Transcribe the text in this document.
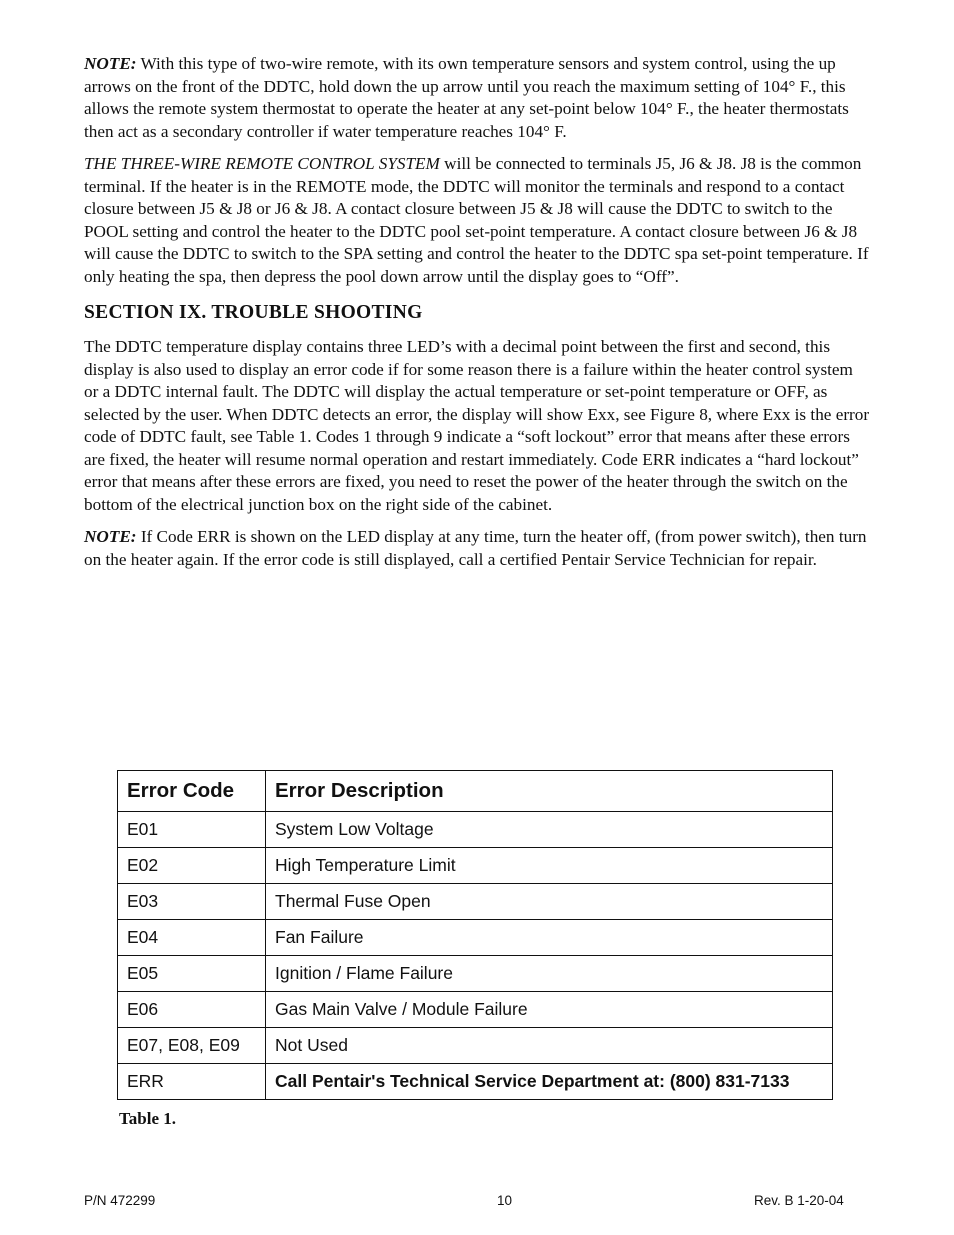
NOTE: With this type of two-wire remote, with its own temperature sensors and system control, using the up arrows on the front of the DDTC, hold down the up arrow until you reach the maximum setting of 104° F., this allows the remote system thermostat to operate the heater at any set-point below 104° F., the heater thermostats then act as a secondary controller if water temperature reaches 104° F.

THE THREE-WIRE REMOTE CONTROL SYSTEM will be connected to terminals J5, J6 & J8. J8 is the common terminal. If the heater is in the REMOTE mode, the DDTC will monitor the terminals and respond to a contact closure between J5 & J8 or J6 & J8. A contact closure between J5 & J8 will cause the DDTC to switch to the POOL setting and control the heater to the DDTC pool set-point temperature. A contact closure between J6 & J8 will cause the DDTC to switch to the SPA setting and control the heater to the DDTC spa set-point temperature. If only heating the spa, then depress the pool down arrow until the display goes to “Off”.

SECTION IX. TROUBLE SHOOTING

The DDTC temperature display contains three LED’s with a decimal point between the first and second, this display is also used to display an error code if for some reason there is a failure within the heater control system or a DDTC internal fault. The DDTC will display the actual temperature or set-point temperature or OFF, as selected by the user. When DDTC detects an error, the display will show Exx, see Figure 8, where Exx is the error code of DDTC fault, see Table 1. Codes 1 through 9 indicate a “soft lockout” error that means after these errors are fixed, the heater will resume normal operation and restart immediately. Code ERR indicates a “hard lockout” error that means after these errors are fixed, you need to reset the power of the heater through the switch on the bottom of the electrical junction box on the right side of the cabinet.

NOTE: If Code ERR is shown on the LED display at any time, turn the heater off, (from power switch), then turn on the heater again. If the error code is still displayed, call a certified Pentair Service Technician for repair.

Error Code	Error Description
E01	System Low Voltage
E02	High Temperature Limit
E03	Thermal Fuse Open
E04	Fan Failure
E05	Ignition / Flame Failure
E06	Gas Main Valve / Module Failure
E07, E08, E09	Not Used
ERR	Call Pentair's Technical Service Department at: (800) 831-7133
Table 1.
P/N 472299	10	Rev. B 1-20-04
